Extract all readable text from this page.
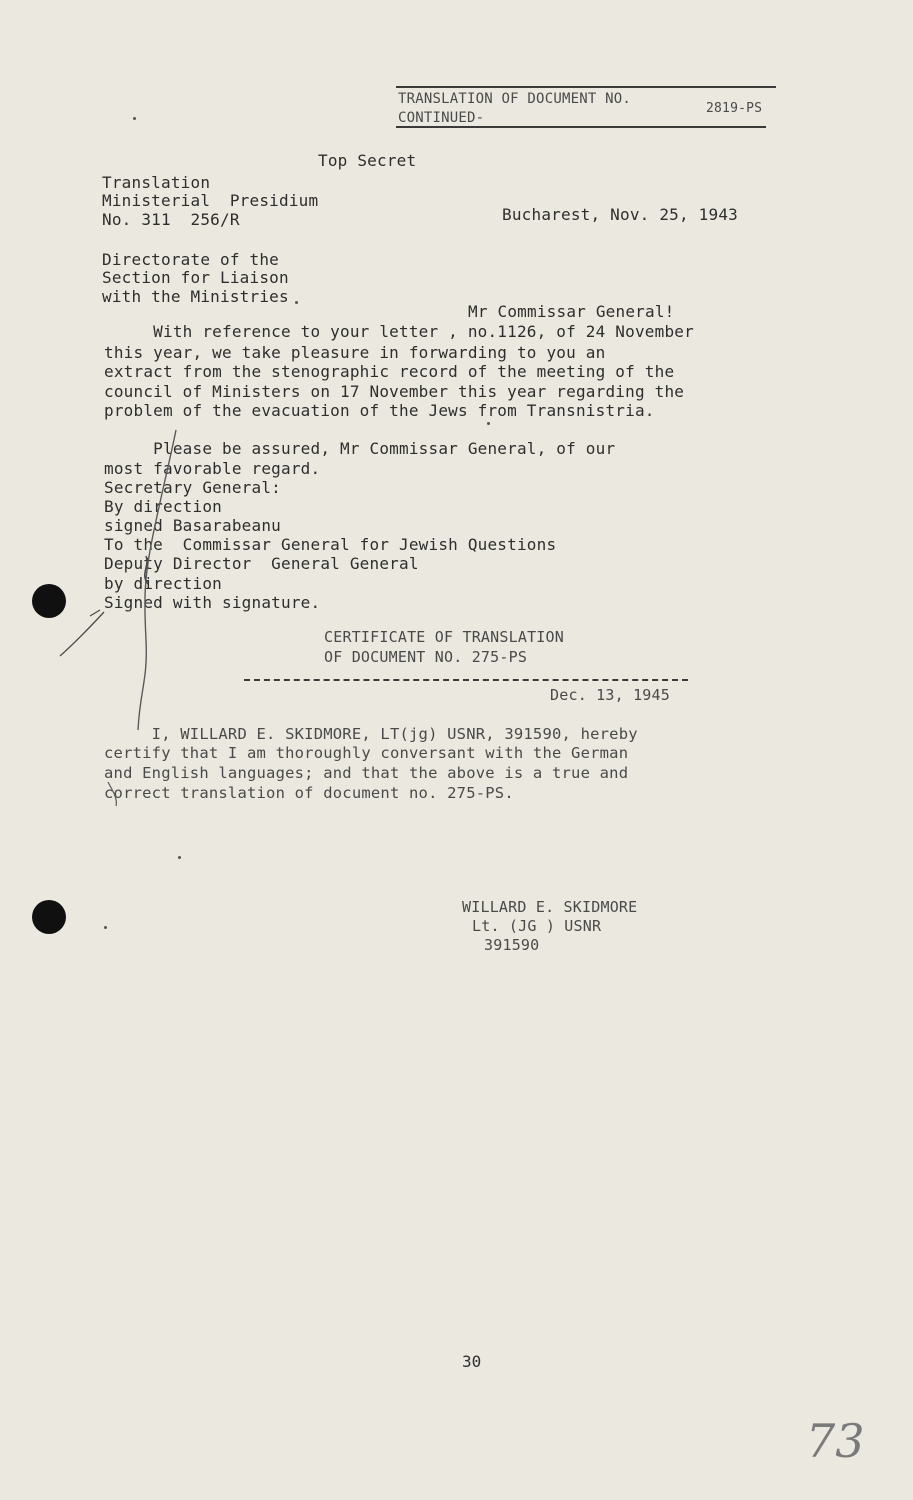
TRANSLATION OF DOCUMENT NO.
2819-PS
CONTINUED-
Top Secret
Translation
Ministerial  Presidium
No. 311  256/R	Bucharest, Nov. 25, 1943
Directorate of the
Section for Liaison
with the Ministries
Mr Commissar General!
With reference to your letter , no.1126, of 24 November
this year, we take pleasure in forwarding to you an
extract from the stenographic record of the meeting of the
council of Ministers on 17 November this year regarding the
problem of the evacuation of the Jews from Transnistria.
Please be assured, Mr Commissar General, of our
most favorable regard.
Secretary General:
By direction
signed Basarabeanu
To the  Commissar General for Jewish Questions
Deputy Director  General General
by direction
Signed with signature.
CERTIFICATE OF TRANSLATION
OF DOCUMENT NO. 275-PS
Dec. 13, 1945
I, WILLARD E. SKIDMORE, LT(jg) USNR, 391590, hereby
certify that I am thoroughly conversant with the German
and English languages; and that the above is a true and
correct translation of document no. 275-PS.
WILLARD E. SKIDMORE
Lt. (JG ) USNR
391590
30
73
